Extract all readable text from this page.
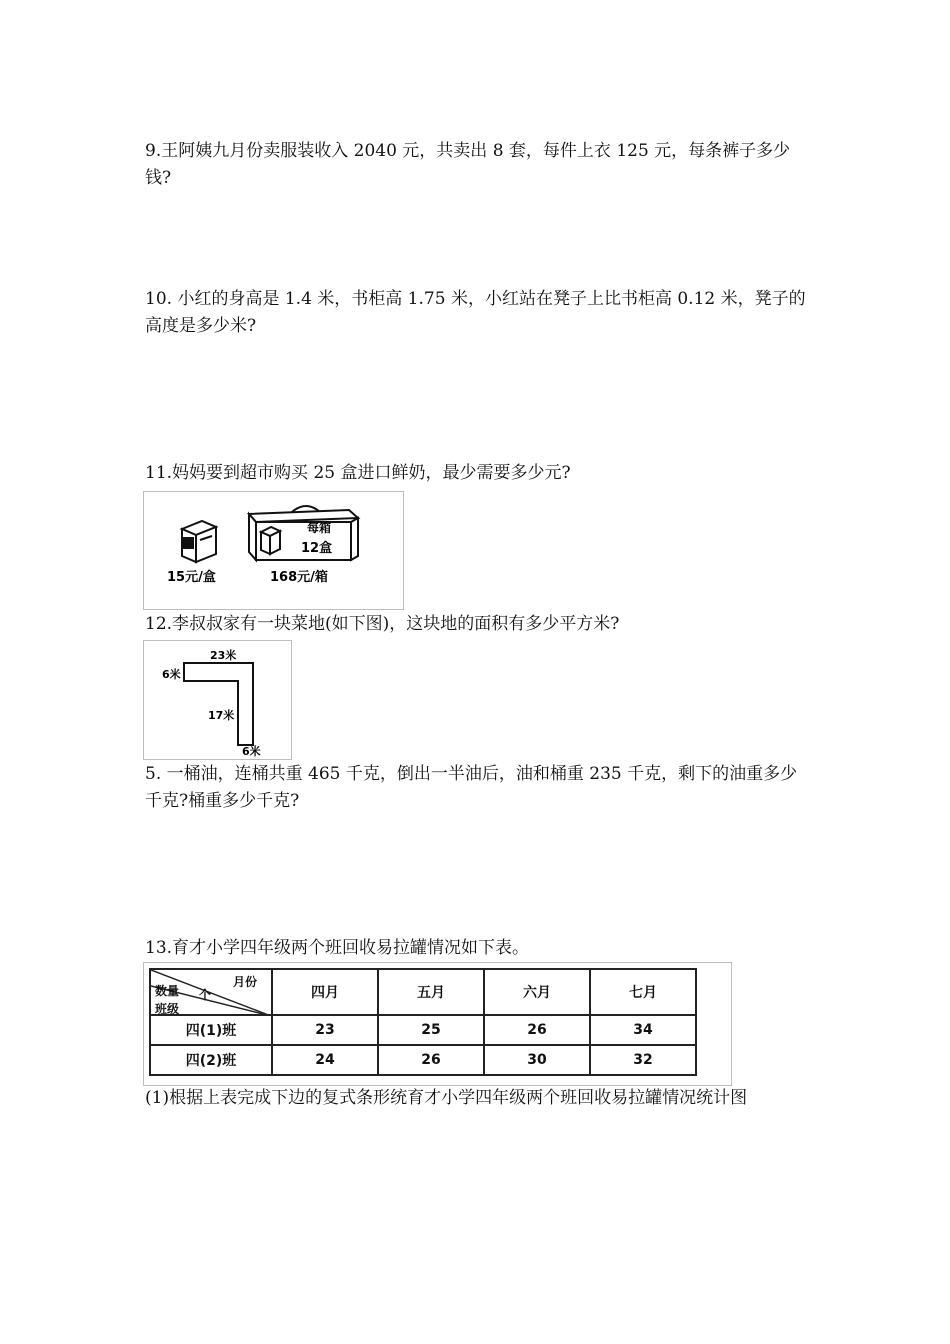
9.王阿姨九月份卖服装收入 2040 元，共卖出 8 套，每件上衣 125 元，每条裤子多少钱?

10. 小红的身高是 1.4 米，书柜高 1.75 米，小红站在凳子上比书柜高 0.12 米，凳子的高度是多少米?

11.妈妈要到超市购买 25 盒进口鲜奶，最少需要多少元?

15元/盒
每箱
12盒
168元/箱

12.李叔叔家有一块菜地(如下图)，这块地的面积有多少平方米?

23米
6米
17米
6米

5. 一桶油，连桶共重 465 千克，倒出一半油后，油和桶重 235 千克，剩下的油重多少千克?桶重多少千克?

13.育才小学四年级两个班回收易拉罐情况如下表。

月份
数量 个
班级	四月	五月	六月	七月
四(1)班	23	25	26	34
四(2)班	24	26	30	32

(1)根据上表完成下边的复式条形统育才小学四年级两个班回收易拉罐情况统计图
